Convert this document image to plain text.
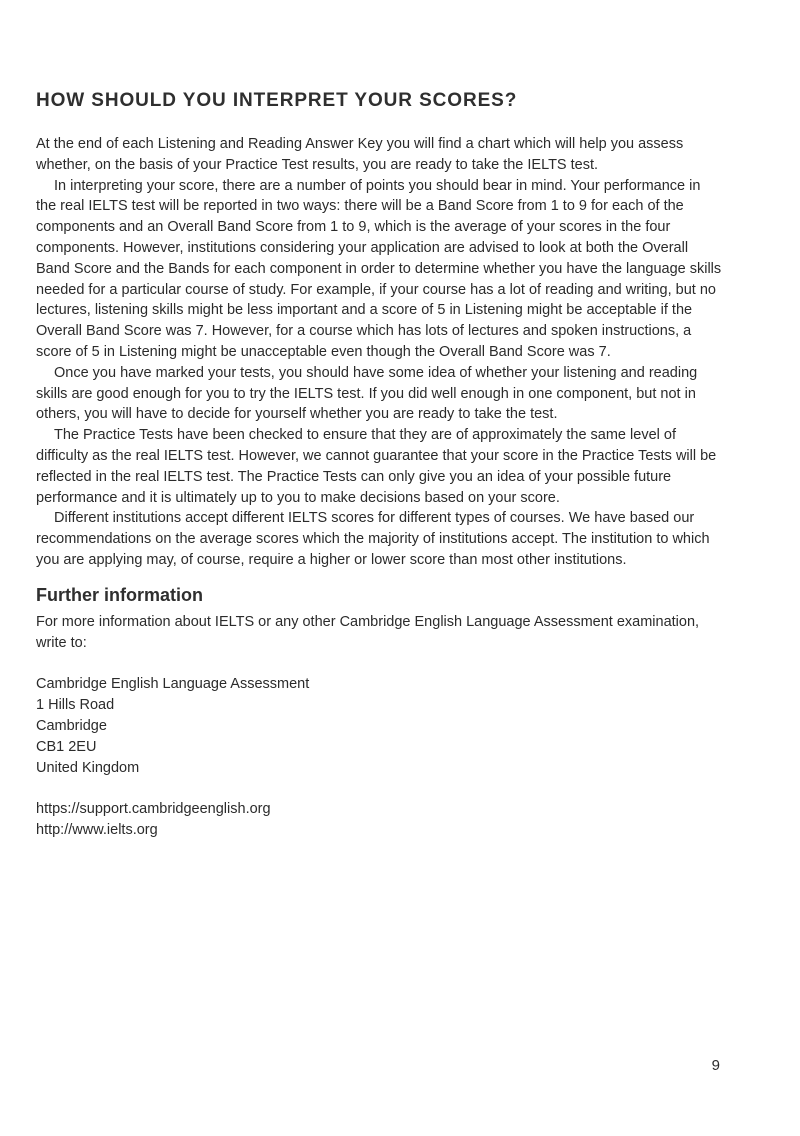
HOW SHOULD YOU INTERPRET YOUR SCORES?

At the end of each Listening and Reading Answer Key you will find a chart which will help you assess whether, on the basis of your Practice Test results, you are ready to take the IELTS test.

In interpreting your score, there are a number of points you should bear in mind. Your performance in the real IELTS test will be reported in two ways: there will be a Band Score from 1 to 9 for each of the components and an Overall Band Score from 1 to 9, which is the average of your scores in the four components. However, institutions considering your application are advised to look at both the Overall Band Score and the Bands for each component in order to determine whether you have the language skills needed for a particular course of study. For example, if your course has a lot of reading and writing, but no lectures, listening skills might be less important and a score of 5 in Listening might be acceptable if the Overall Band Score was 7. However, for a course which has lots of lectures and spoken instructions, a score of 5 in Listening might be unacceptable even though the Overall Band Score was 7.

Once you have marked your tests, you should have some idea of whether your listening and reading skills are good enough for you to try the IELTS test. If you did well enough in one component, but not in others, you will have to decide for yourself whether you are ready to take the test.

The Practice Tests have been checked to ensure that they are of approximately the same level of difficulty as the real IELTS test. However, we cannot guarantee that your score in the Practice Tests will be reflected in the real IELTS test. The Practice Tests can only give you an idea of your possible future performance and it is ultimately up to you to make decisions based on your score.

Different institutions accept different IELTS scores for different types of courses. We have based our recommendations on the average scores which the majority of institutions accept. The institution to which you are applying may, of course, require a higher or lower score than most other institutions.

Further information

For more information about IELTS or any other Cambridge English Language Assessment examination, write to:

Cambridge English Language Assessment
1 Hills Road
Cambridge
CB1 2EU
United Kingdom
https://support.cambridgeenglish.org
http://www.ielts.org
9
